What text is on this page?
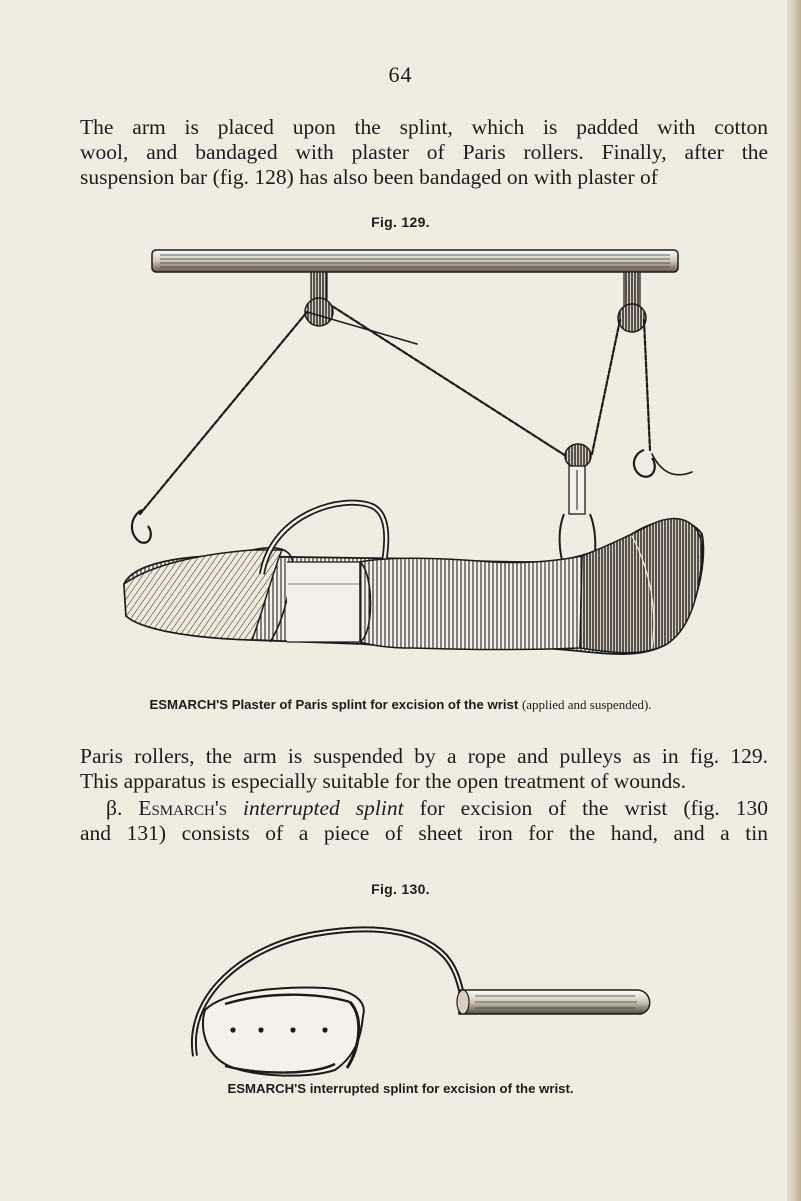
64
The arm is placed upon the splint, which is padded with cotton
wool, and bandaged with plaster of Paris rollers. Finally, after the
suspension bar (fig. 128) has also been bandaged on with plaster of
Fig. 129.
ESMARCH'S Plaster of Paris splint for excision of the wrist (applied and suspended).
Paris rollers, the arm is suspended by a rope and pulleys as in fig. 129.
This apparatus is especially suitable for the open treatment of wounds.
β. Esmarch's interrupted splint for excision of the wrist (fig. 130
and 131) consists of a piece of sheet iron for the hand, and a tin
Fig. 130.
ESMARCH'S interrupted splint for excision of the wrist.
